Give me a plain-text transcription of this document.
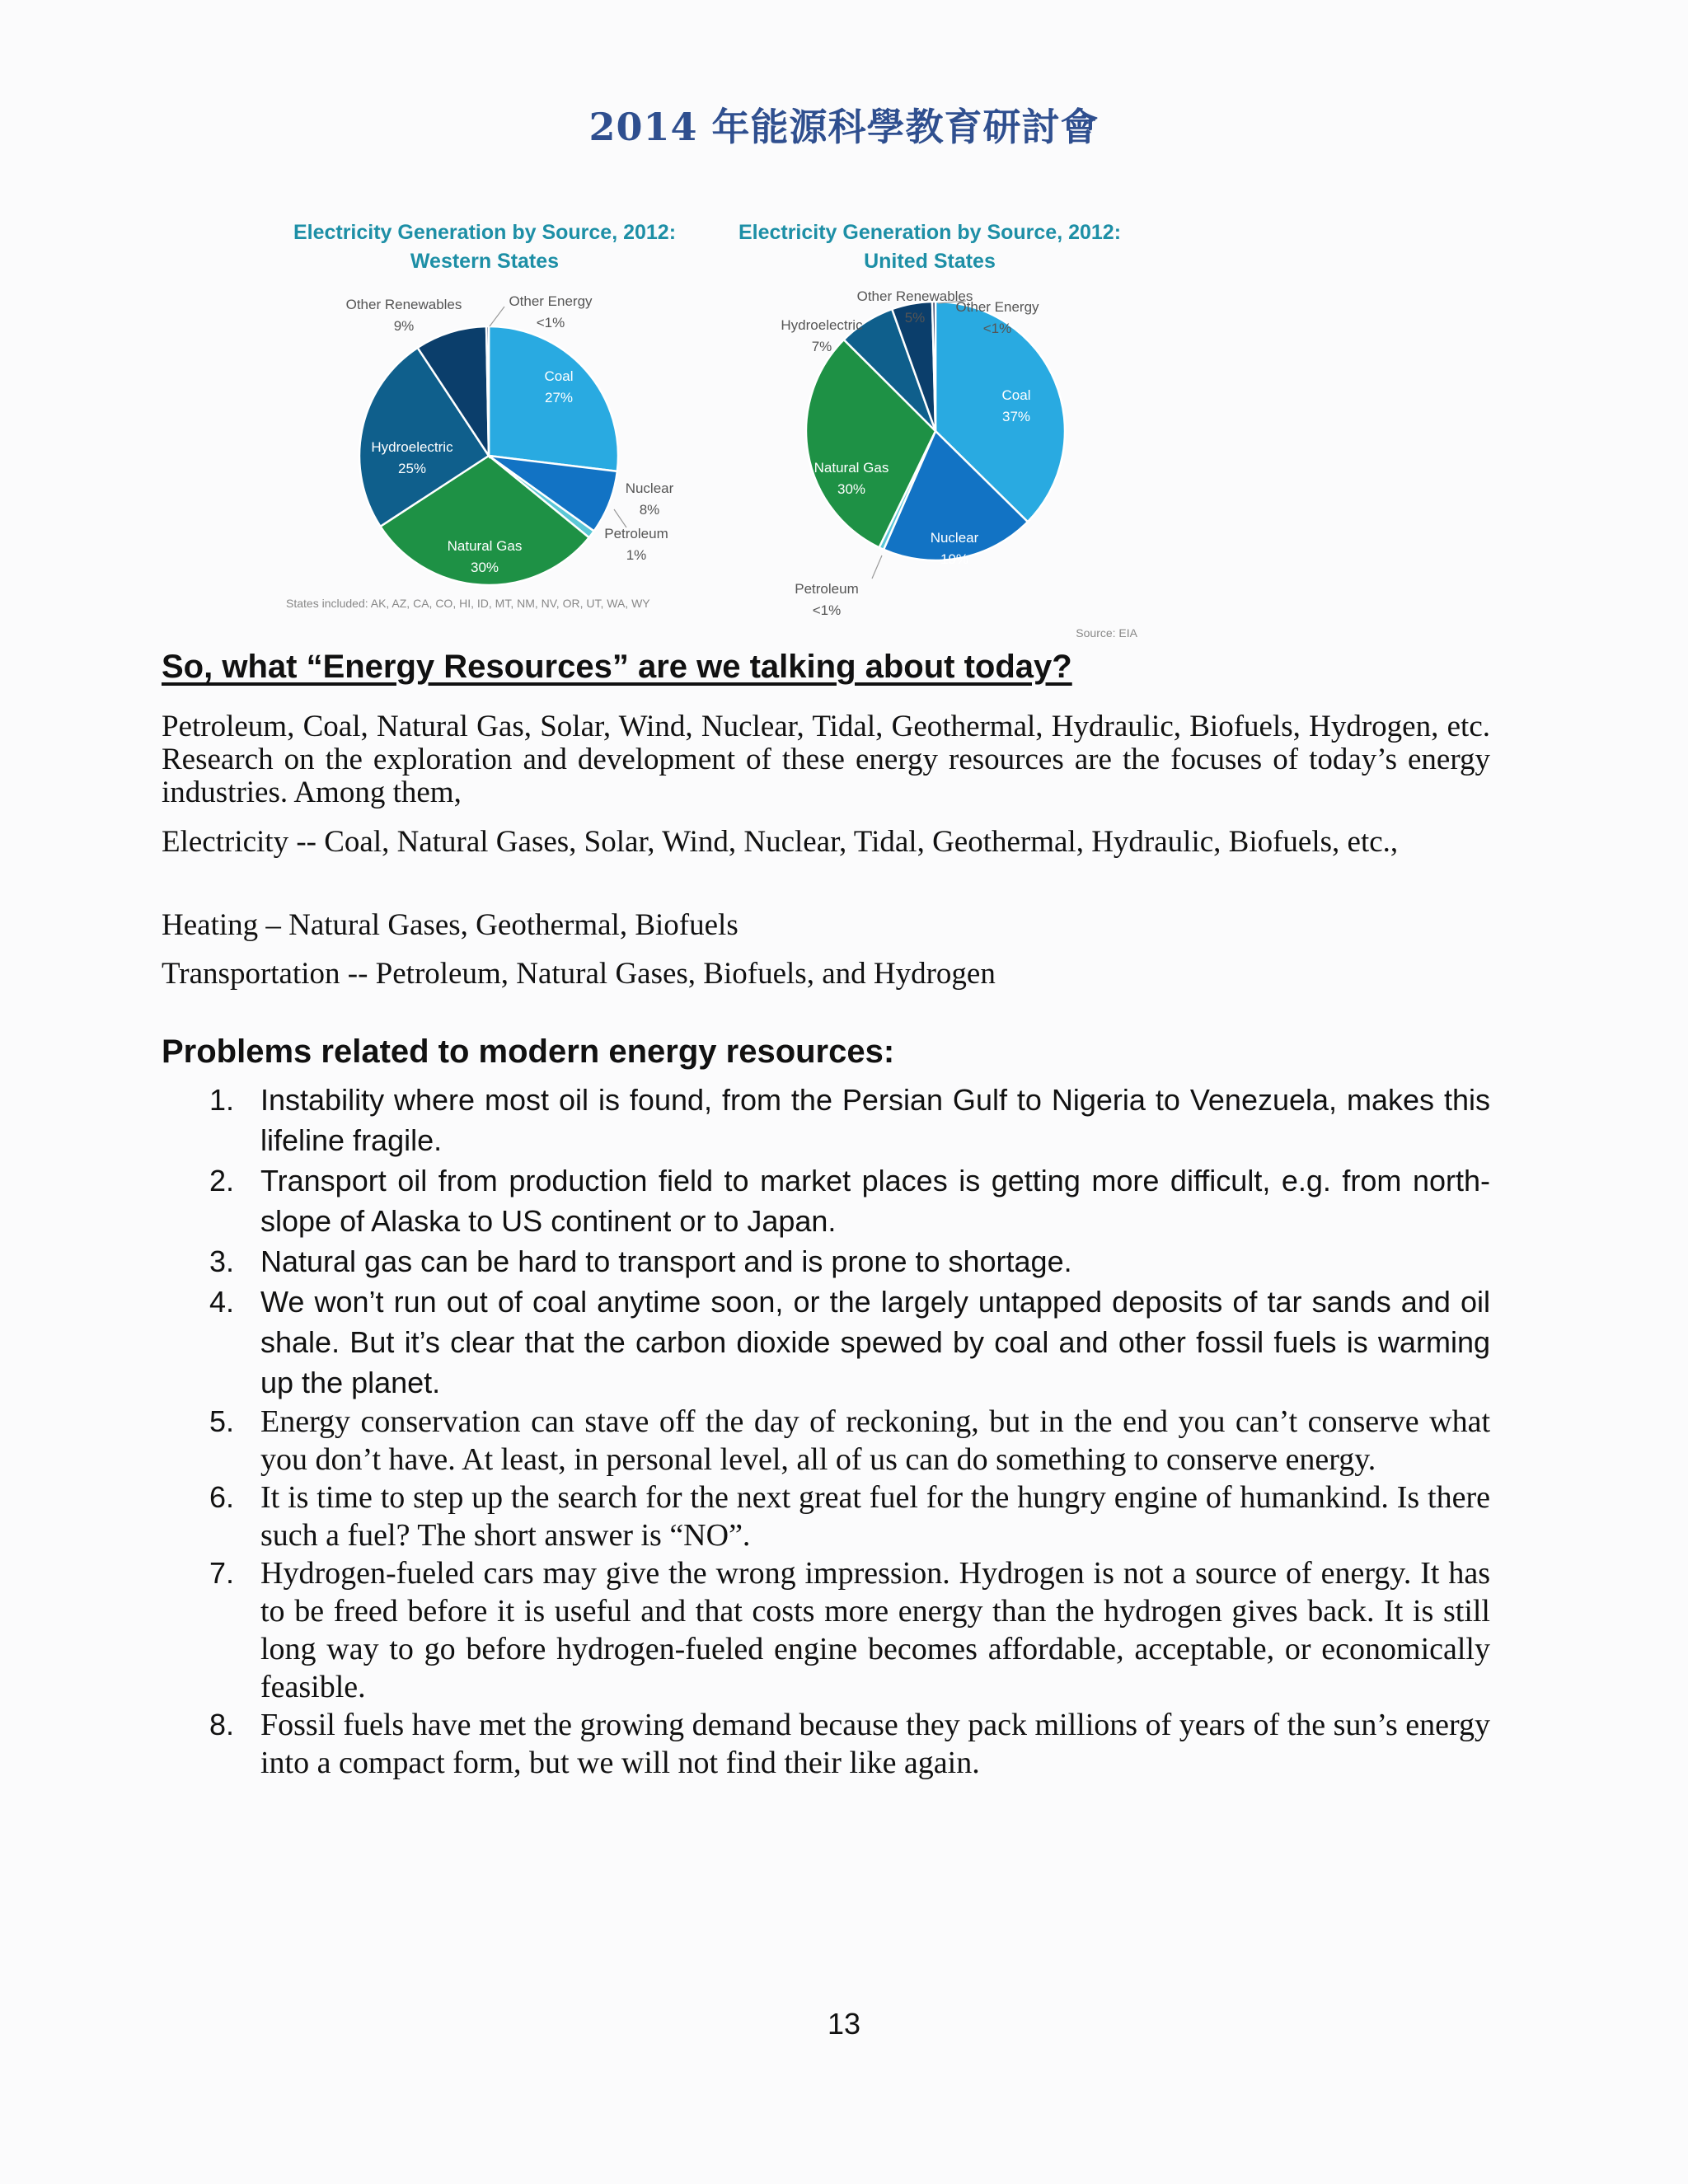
2014 年能源科學教育研討會
Electricity Generation by Source, 2012:
Western States
Coal
27%
Nuclear
8%
Petroleum
1%
Natural Gas
30%
Hydroelectric
25%
Other Renewables
9%
Other Energy
<1%
States included: AK, AZ, CA, CO, HI, ID, MT, NM, NV, OR, UT, WA, WY
Electricity Generation by Source, 2012:
United States
Coal
37%
Nuclear
19%
Petroleum
<1%
Natural Gas
30%
Hydroelectric
7%
Other Renewables
5%
Other Energy
<1%
Source: EIA
So, what “Energy Resources” are we talking about today?
Petroleum, Coal, Natural Gas, Solar, Wind, Nuclear, Tidal, Geothermal, Hydraulic, Biofuels, Hydrogen, etc. Research on the exploration and development of these energy resources are the focuses of today’s energy industries. Among them,
Electricity -- Coal, Natural Gases, Solar, Wind, Nuclear, Tidal, Geothermal, Hydraulic, Biofuels, etc.,
Heating – Natural Gases, Geothermal, Biofuels
Transportation -- Petroleum, Natural Gases, Biofuels, and Hydrogen
Problems related to modern energy resources:
1. Instability where most oil is found, from the Persian Gulf to Nigeria to Venezuela, makes this lifeline fragile.
2. Transport oil from production field to market places is getting more difficult, e.g. from north-slope of Alaska to US continent or to Japan.
3. Natural gas can be hard to transport and is prone to shortage.
4. We won’t run out of coal anytime soon, or the largely untapped deposits of tar sands and oil shale. But it’s clear that the carbon dioxide spewed by coal and other fossil fuels is warming up the planet.
5. Energy conservation can stave off the day of reckoning, but in the end you can’t conserve what you don’t have. At least, in personal level, all of us can do something to conserve energy.
6. It is time to step up the search for the next great fuel for the hungry engine of humankind. Is there such a fuel? The short answer is “NO”.
7. Hydrogen-fueled cars may give the wrong impression. Hydrogen is not a source of energy. It has to be freed before it is useful and that costs more energy than the hydrogen gives back. It is still long way to go before hydrogen-fueled engine becomes affordable, acceptable, or economically feasible.
8. Fossil fuels have met the growing demand because they pack millions of years of the sun’s energy into a compact form, but we will not find their like again.
13
